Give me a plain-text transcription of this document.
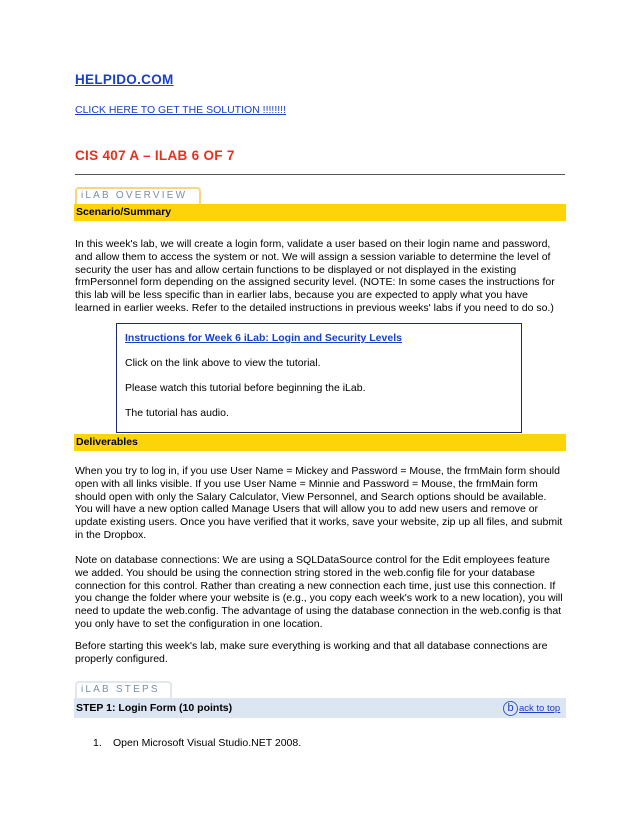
HELPIDO.COM
CLICK HERE TO GET THE SOLUTION !!!!!!!!
CIS 407 A – ILAB 6 OF 7
iLAB OVERVIEW
Scenario/Summary
In this week's lab, we will create a login form, validate a user based on their login name and password, and allow them to access the system or not. We will assign a session variable to determine the level of security the user has and allow certain functions to be displayed or not displayed in the existing frmPersonnel form depending on the assigned security level. (NOTE: In some cases the instructions for this lab will be less specific than in earlier labs, because you are expected to apply what you have learned in earlier weeks. Refer to the detailed instructions in previous weeks' labs if you need to do so.)
Instructions for Week 6 iLab: Login and Security Levels
Click on the link above to view the tutorial.
Please watch this tutorial before beginning the iLab.
The tutorial has audio.
Deliverables
When you try to log in, if you use User Name = Mickey and Password = Mouse, the frmMain form should open with all links visible. If you use User Name = Minnie and Password = Mouse, the frmMain form should open with only the Salary Calculator, View Personnel, and Search options should be available. You will have a new option called Manage Users that will allow you to add new users and remove or update existing users. Once you have verified that it works, save your website, zip up all files, and submit in the Dropbox.
Note on database connections: We are using a SQLDataSource control for the Edit employees feature we added. You should be using the connection string stored in the web.config file for your database connection for this control. Rather than creating a new connection each time, just use this connection. If you change the folder where your website is (e.g., you copy each week's work to a new location), you will need to update the web.config. The advantage of using the database connection in the web.config is that you only have to set the configuration in one location.
Before starting this week's lab, make sure everything is working and that all database connections are properly configured.
iLAB STEPS
STEP 1: Login Form (10 points)	b ack to top
1.	Open Microsoft Visual Studio.NET 2008.
